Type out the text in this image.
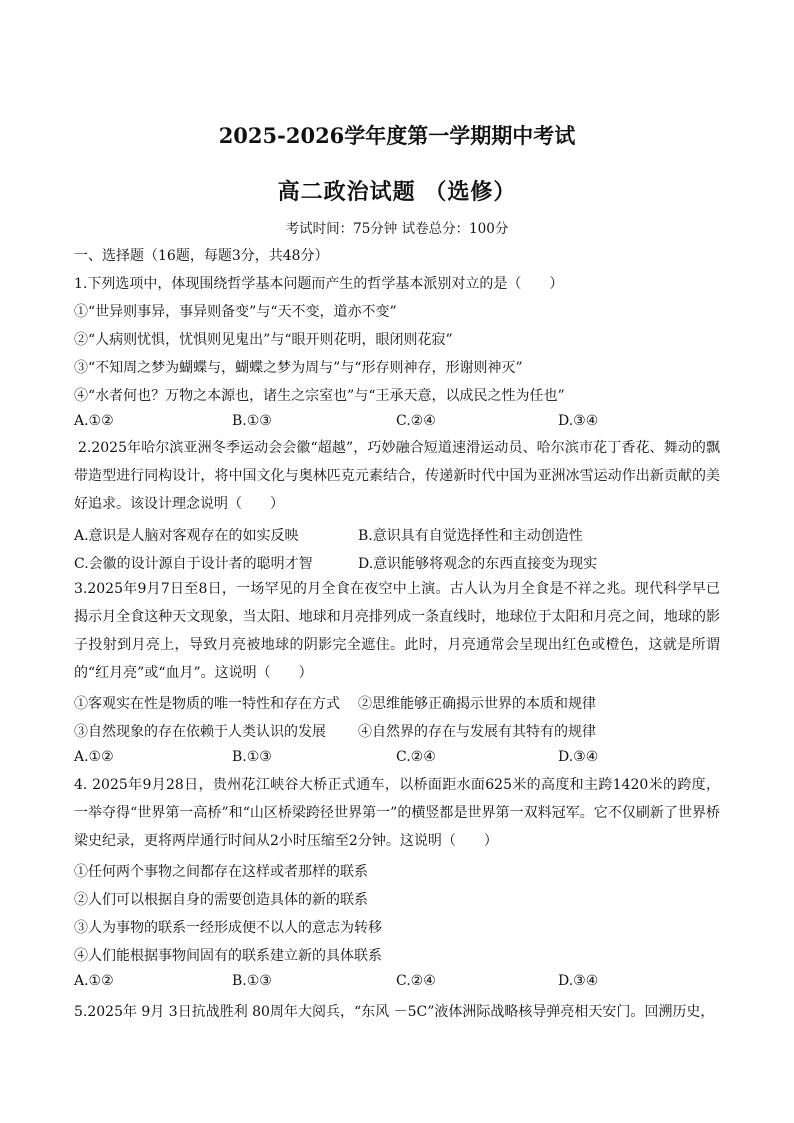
2025-2026学年度第一学期期中考试
高二政治试题 （选修）
考试时间：75分钟 试卷总分：100分
一、选择题（16题，每题3分，共48分）
1.下列选项中，体现围绕哲学基本问题而产生的哲学基本派别对立的是（　　）
①“世异则事异，事异则备变”与“天不变，道亦不变”
②“人病则忧惧，忧惧则见鬼出”与“眼开则花明，眼闭则花寂”
③“不知周之梦为蝴蝶与，蝴蝶之梦为周与”与“形存则神存，形谢则神灭”
④“水者何也？万物之本源也，诸生之宗室也”与“王承天意，以成民之性为任也”
A.①②	B.①③	C.②④	D.③④
2.2025年哈尔滨亚洲冬季运动会会徽“超越”，巧妙融合短道速滑运动员、哈尔滨市花丁香花、舞动的飘带造型进行同构设计，将中国文化与奥林匹克元素结合，传递新时代中国为亚洲冰雪运动作出新贡献的美好追求。该设计理念说明（　　）
A.意识是人脑对客观存在的如实反映	B.意识具有自觉选择性和主动创造性
C.会徽的设计源自于设计者的聪明才智	D.意识能够将观念的东西直接变为现实
3.2025年9月7日至8日，一场罕见的月全食在夜空中上演。古人认为月全食是不祥之兆。现代科学早已揭示月全食这种天文现象，当太阳、地球和月亮排列成一条直线时，地球位于太阳和月亮之间，地球的影子投射到月亮上，导致月亮被地球的阴影完全遮住。此时，月亮通常会呈现出红色或橙色，这就是所谓的“红月亮”或“血月”。这说明（　　）
①客观实在性是物质的唯一特性和存在方式 ②思维能够正确揭示世界的本质和规律
③自然现象的存在依赖于人类认识的发展 ④自然界的存在与发展有其特有的规律
A.①②	B.①③	C.②④	D.③④
4. 2025年9月28日，贵州花江峡谷大桥正式通车，以桥面距水面625米的高度和主跨1420米的跨度，一举夺得“世界第一高桥”和“山区桥梁跨径世界第一”的横竖都是世界第一双料冠军。它不仅刷新了世界桥梁史纪录，更将两岸通行时间从2小时压缩至2分钟。这说明（　　）
①任何两个事物之间都存在这样或者那样的联系
②人们可以根据自身的需要创造具体的新的联系
③人为事物的联系一经形成便不以人的意志为转移
④人们能根据事物间固有的联系建立新的具体联系
A.①②	B.①③	C.②④	D.③④
5.2025年 9月 3日抗战胜利 80周年大阅兵，“东风 －5C”液体洲际战略核导弹亮相天安门。回溯历史，
